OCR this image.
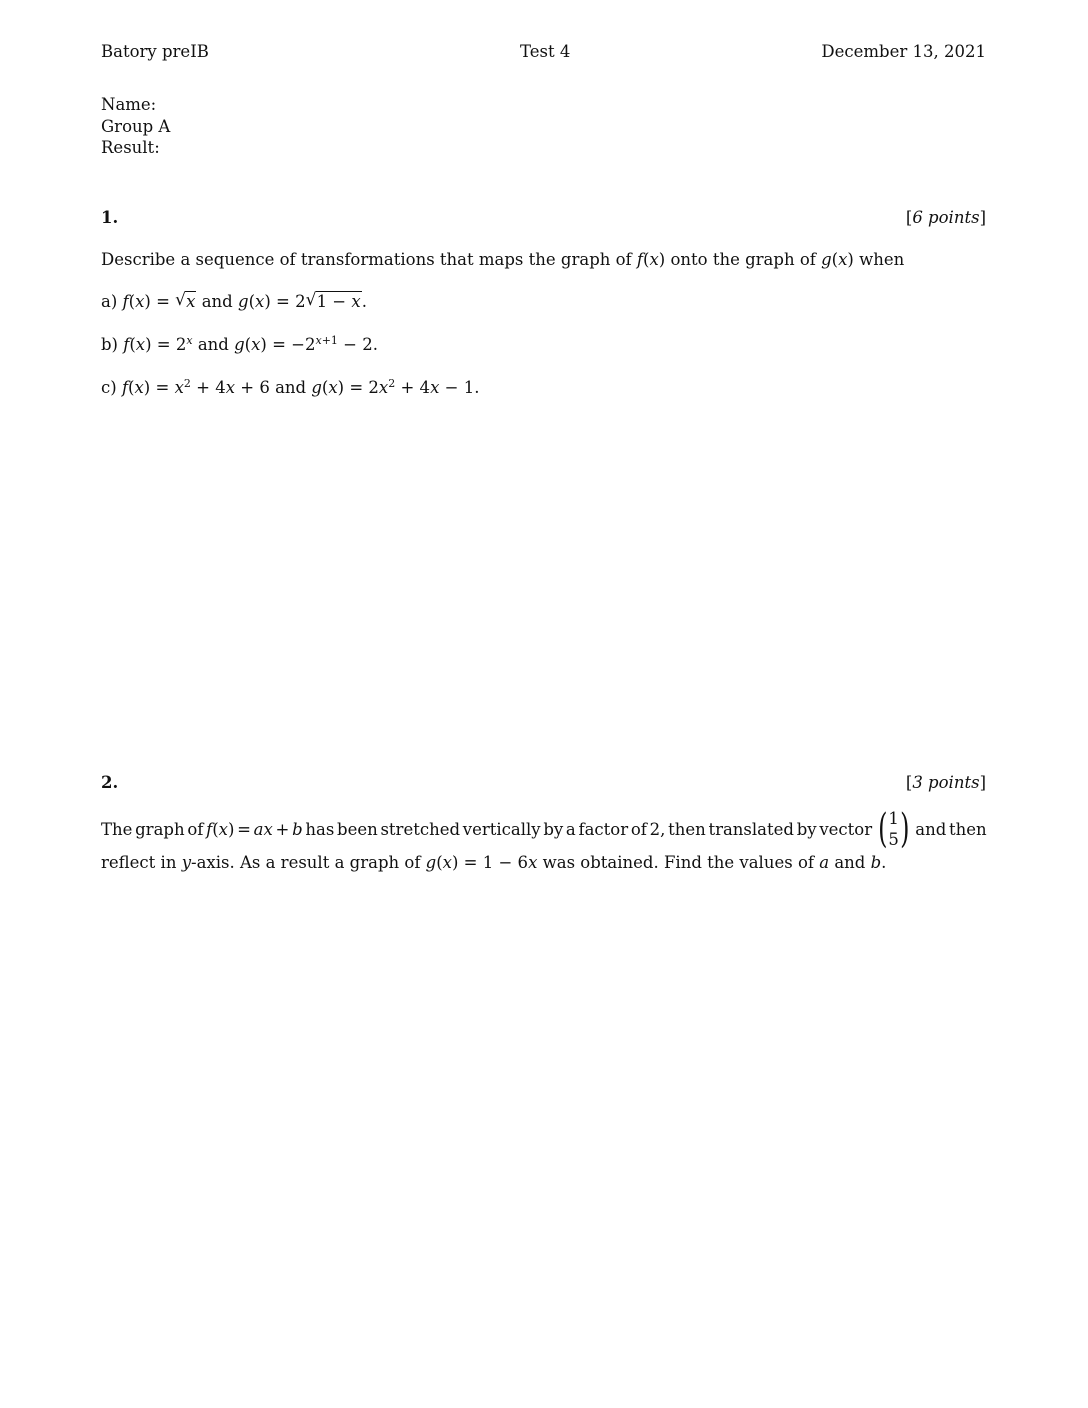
Batory preIB	Test 4	December 13, 2021
Name:
Group A
Result:
1.	[6 points]
Describe a sequence of transformations that maps the graph of f(x) onto the graph of g(x) when
a) f(x) = √ x and g(x) = 2√ 1 − x.
b) $f(x) = 2^x$ and $g(x) = -2^{x+1} - 2$.
c) $f(x) = x^2 + 4x + 6$ and $g(x) = 2x^2 + 4x - 1$.
2.	[3 points]
The graph of f(x) = ax + b has been stretched vertically by a factor of 2, then translated by vector ( 1
5 ) and then
reflect in y-axis. As a result a graph of g(x) = 1 − 6x was obtained. Find the values of a and b.
